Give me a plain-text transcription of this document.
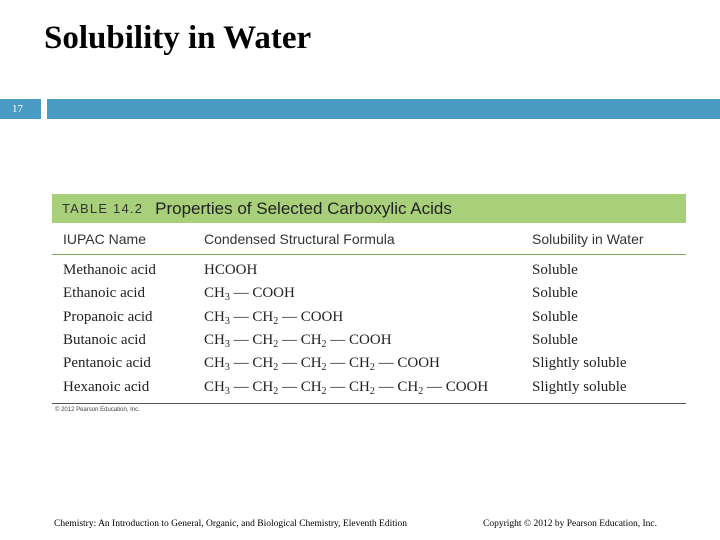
Solubility in Water
17
TABLE 14.2 Properties of Selected Carboxylic Acids
IUPAC Name	Condensed Structural Formula	Solubility in Water
Methanoic acid	HCOOH	Soluble
Ethanoic acid	$CH_3$ — COOH	Soluble
Propanoic acid	$CH_3$ — $CH_2$ — COOH	Soluble
Butanoic acid	$CH_3$ — $CH_2$ — $CH_2$ — COOH	Soluble
Pentanoic acid	$CH_3$ — $CH_2$ — $CH_2$ — $CH_2$ — COOH	Slightly soluble
Hexanoic acid	$CH_3$ — $CH_2$ — $CH_2$ — $CH_2$ — $CH_2$ — COOH	Slightly soluble
© 2012 Pearson Education, Inc.
Chemistry: An Introduction to General, Organic, and Biological Chemistry, Eleventh Edition	Copyright © 2012 by Pearson Education, Inc.
